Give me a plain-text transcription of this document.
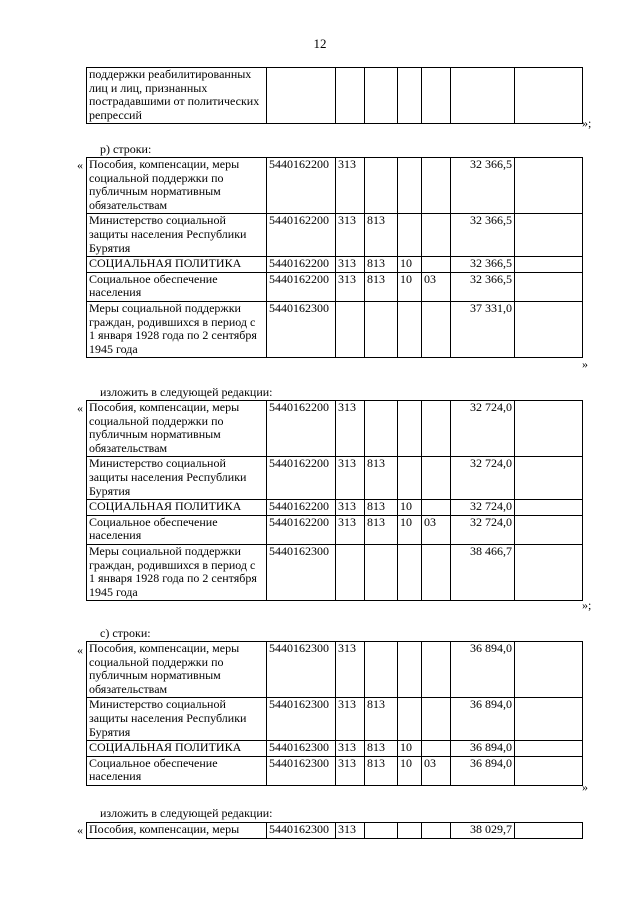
12
поддержки реабилитированных лиц и лиц, признанных пострадавшими от политических репрессий							
»;
р) строки:
« Пособия, компенсации, меры социальной поддержки по публичным нормативным обязательствам	5440162200	313				32 366,5	
Министерство социальной защиты населения Республики Бурятия	5440162200	313	813			32 366,5	
СОЦИАЛЬНАЯ ПОЛИТИКА	5440162200	313	813	10		32 366,5	
Социальное обеспечение населения	5440162200	313	813	10	03	32 366,5	
Меры социальной поддержки граждан, родившихся в период с 1 января 1928 года по 2 сентября 1945 года	5440162300					37 331,0	
»
изложить в следующей редакции:
« Пособия, компенсации, меры социальной поддержки по публичным нормативным обязательствам	5440162200	313				32 724,0	
Министерство социальной защиты населения Республики Бурятия	5440162200	313	813			32 724,0	
СОЦИАЛЬНАЯ ПОЛИТИКА	5440162200	313	813	10		32 724,0	
Социальное обеспечение населения	5440162200	313	813	10	03	32 724,0	
Меры социальной поддержки граждан, родившихся в период с 1 января 1928 года по 2 сентября 1945 года	5440162300					38 466,7	
»;
с) строки:
« Пособия, компенсации, меры социальной поддержки по публичным нормативным обязательствам	5440162300	313				36 894,0	
Министерство социальной защиты населения Республики Бурятия	5440162300	313	813			36 894,0	
СОЦИАЛЬНАЯ ПОЛИТИКА	5440162300	313	813	10		36 894,0	
Социальное обеспечение населения	5440162300	313	813	10	03	36 894,0	
»
изложить в следующей редакции:
« Пособия, компенсации, меры	5440162300	313				38 029,7	
